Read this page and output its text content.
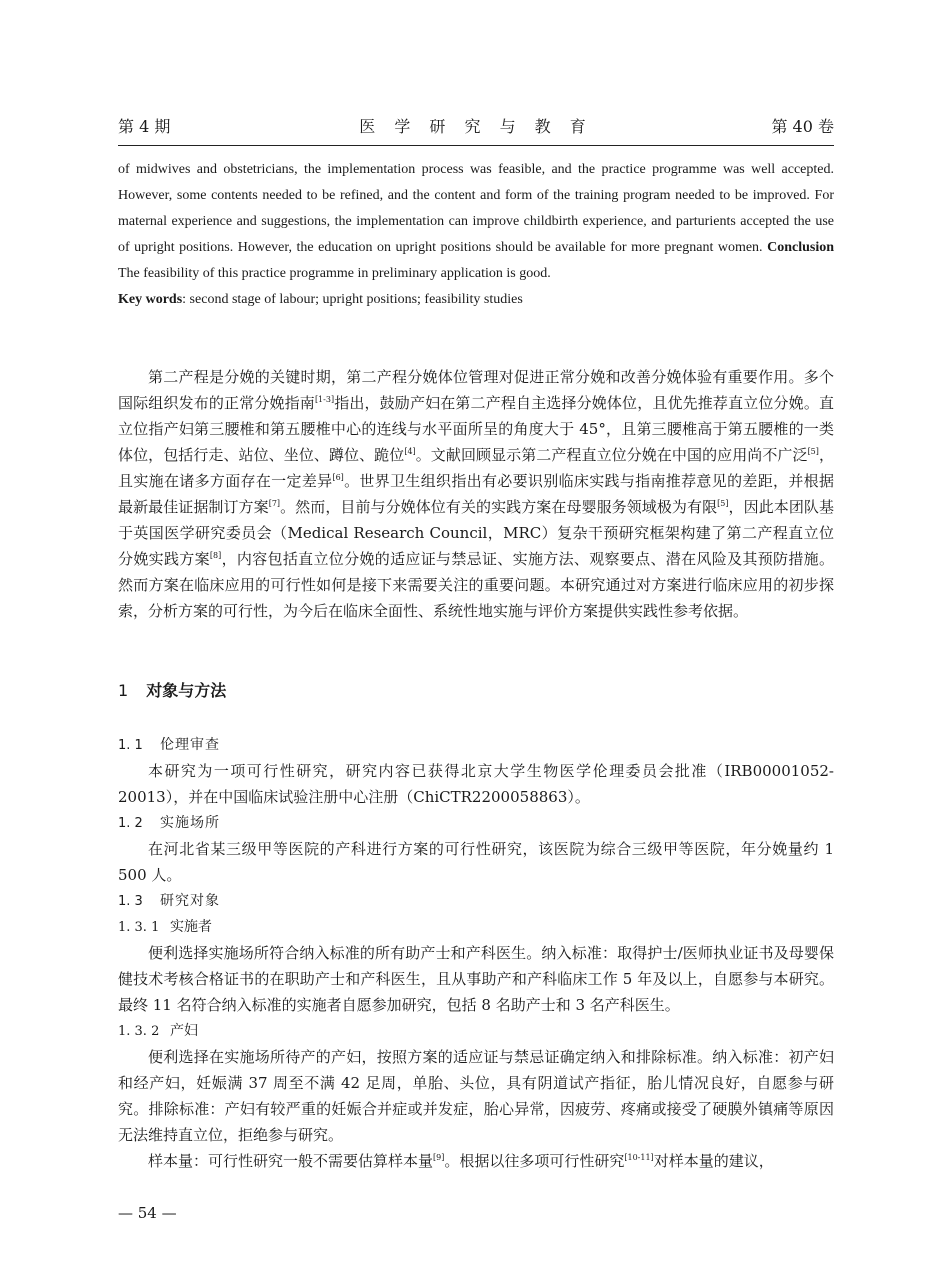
第 4 期	医 学 研 究 与 教 育	第 40 卷

of midwives and obstetricians, the implementation process was feasible, and the practice programme was well accepted. However, some contents needed to be refined, and the content and form of the training program needed to be improved. For maternal experience and suggestions, the implementation can improve childbirth experience, and parturients accepted the use of upright positions. However, the education on upright positions should be available for more pregnant women. Conclusion The feasibility of this practice programme in preliminary application is good.

Key words: second stage of labour; upright positions; feasibility studies

第二产程是分娩的关键时期，第二产程分娩体位管理对促进正常分娩和改善分娩体验有重要作用。多个国际组织发布的正常分娩指南[1-3]指出，鼓励产妇在第二产程自主选择分娩体位，且优先推荐直立位分娩。直立位指产妇第三腰椎和第五腰椎中心的连线与水平面所呈的角度大于 45°，且第三腰椎高于第五腰椎的一类体位，包括行走、站位、坐位、蹲位、跪位[4]。文献回顾显示第二产程直立位分娩在中国的应用尚不广泛[5]，且实施在诸多方面存在一定差异[6]。世界卫生组织指出有必要识别临床实践与指南推荐意见的差距，并根据最新最佳证据制订方案[7]。然而，目前与分娩体位有关的实践方案在母婴服务领域极为有限[5]，因此本团队基于英国医学研究委员会（Medical Research Council，MRC）复杂干预研究框架构建了第二产程直立位分娩实践方案[8]，内容包括直立位分娩的适应证与禁忌证、实施方法、观察要点、潜在风险及其预防措施。然而方案在临床应用的可行性如何是接下来需要关注的重要问题。本研究通过对方案进行临床应用的初步探索，分析方案的可行性，为今后在临床全面性、系统性地实施与评价方案提供实践性参考依据。

1 对象与方法
1. 1 伦理审查

本研究为一项可行性研究，研究内容已获得北京大学生物医学伦理委员会批准（IRB00001052-20013），并在中国临床试验注册中心注册（ChiCTR2200058863）。

1. 2 实施场所

在河北省某三级甲等医院的产科进行方案的可行性研究，该医院为综合三级甲等医院，年分娩量约 1 500 人。

1. 3 研究对象
1. 3. 1 实施者

便利选择实施场所符合纳入标准的所有助产士和产科医生。纳入标准：取得护士/医师执业证书及母婴保健技术考核合格证书的在职助产士和产科医生，且从事助产和产科临床工作 5 年及以上，自愿参与本研究。最终 11 名符合纳入标准的实施者自愿参加研究，包括 8 名助产士和 3 名产科医生。

1. 3. 2 产妇

便利选择在实施场所待产的产妇，按照方案的适应证与禁忌证确定纳入和排除标准。纳入标准：初产妇和经产妇，妊娠满 37 周至不满 42 足周，单胎、头位，具有阴道试产指征，胎儿情况良好，自愿参与研究。排除标准：产妇有较严重的妊娠合并症或并发症，胎心异常，因疲劳、疼痛或接受了硬膜外镇痛等原因无法维持直立位，拒绝参与研究。

样本量：可行性研究一般不需要估算样本量[9]。根据以往多项可行性研究[10-11]对样本量的建议，

— 54 —
